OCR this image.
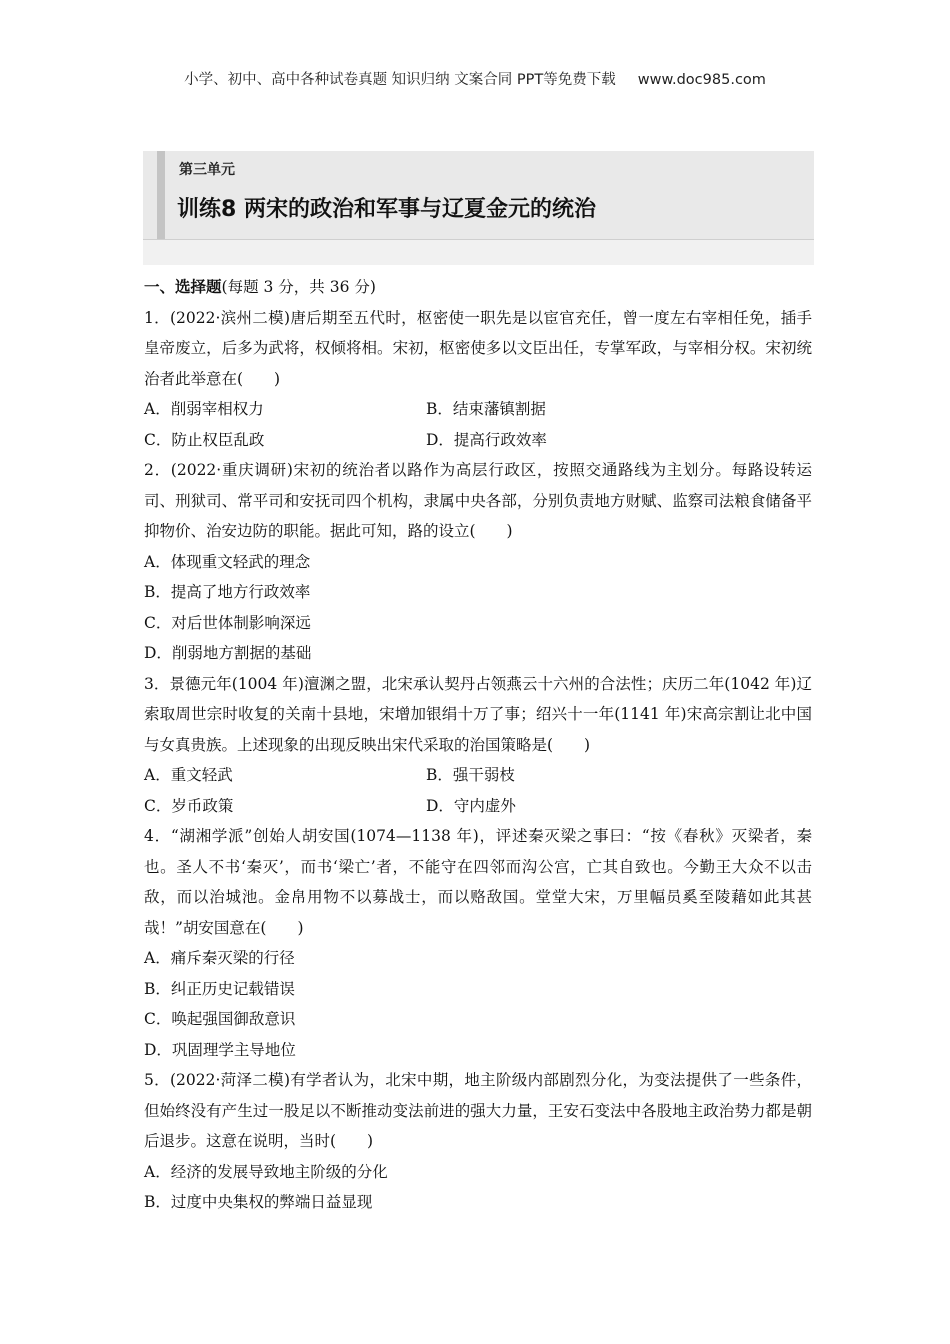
小学、初中、高中各种试卷真题 知识归纳 文案合同 PPT等免费下载 www.doc985.com
第三单元
训练8 两宋的政治和军事与辽夏金元的统治
一、选择题(每题 3 分，共 36 分)
1．(2022·滨州二模)唐后期至五代时，枢密使一职先是以宦官充任，曾一度左右宰相任免，插手皇帝废立，后多为武将，权倾将相。宋初，枢密使多以文臣出任，专掌军政，与宰相分权。宋初统治者此举意在(　　)
A．削弱宰相权力	B．结束藩镇割据
C．防止权臣乱政	D．提高行政效率
2．(2022·重庆调研)宋初的统治者以路作为高层行政区，按照交通路线为主划分。每路设转运司、刑狱司、常平司和安抚司四个机构，隶属中央各部，分别负责地方财赋、监察司法粮食储备平抑物价、治安边防的职能。据此可知，路的设立(　　)
A．体现重文轻武的理念
B．提高了地方行政效率
C．对后世体制影响深远
D．削弱地方割据的基础
3．景德元年(1004 年)澶渊之盟，北宋承认契丹占领燕云十六州的合法性；庆历二年(1042 年)辽索取周世宗时收复的关南十县地，宋增加银绢十万了事；绍兴十一年(1141 年)宋高宗割让北中国与女真贵族。上述现象的出现反映出宋代采取的治国策略是(　　)
A．重文轻武	B．强干弱枝
C．岁币政策	D．守内虚外
4．“湖湘学派”创始人胡安国(1074—1138 年)，评述秦灭梁之事曰：“按《春秋》灭梁者，秦也。圣人不书‘秦灭’，而书‘梁亡’者，不能守在四邻而沟公宫，亡其自致也。今勤王大众不以击敌，而以治城池。金帛用物不以募战士，而以赂敌国。堂堂大宋，万里幅员奚至陵藉如此其甚哉！”胡安国意在(　　)
A．痛斥秦灭梁的行径
B．纠正历史记载错误
C．唤起强国御敌意识
D．巩固理学主导地位
5．(2022·菏泽二模)有学者认为，北宋中期，地主阶级内部剧烈分化，为变法提供了一些条件，但始终没有产生过一股足以不断推动变法前进的强大力量，王安石变法中各股地主政治势力都是朝后退步。这意在说明，当时(　　)
A．经济的发展导致地主阶级的分化
B．过度中央集权的弊端日益显现
